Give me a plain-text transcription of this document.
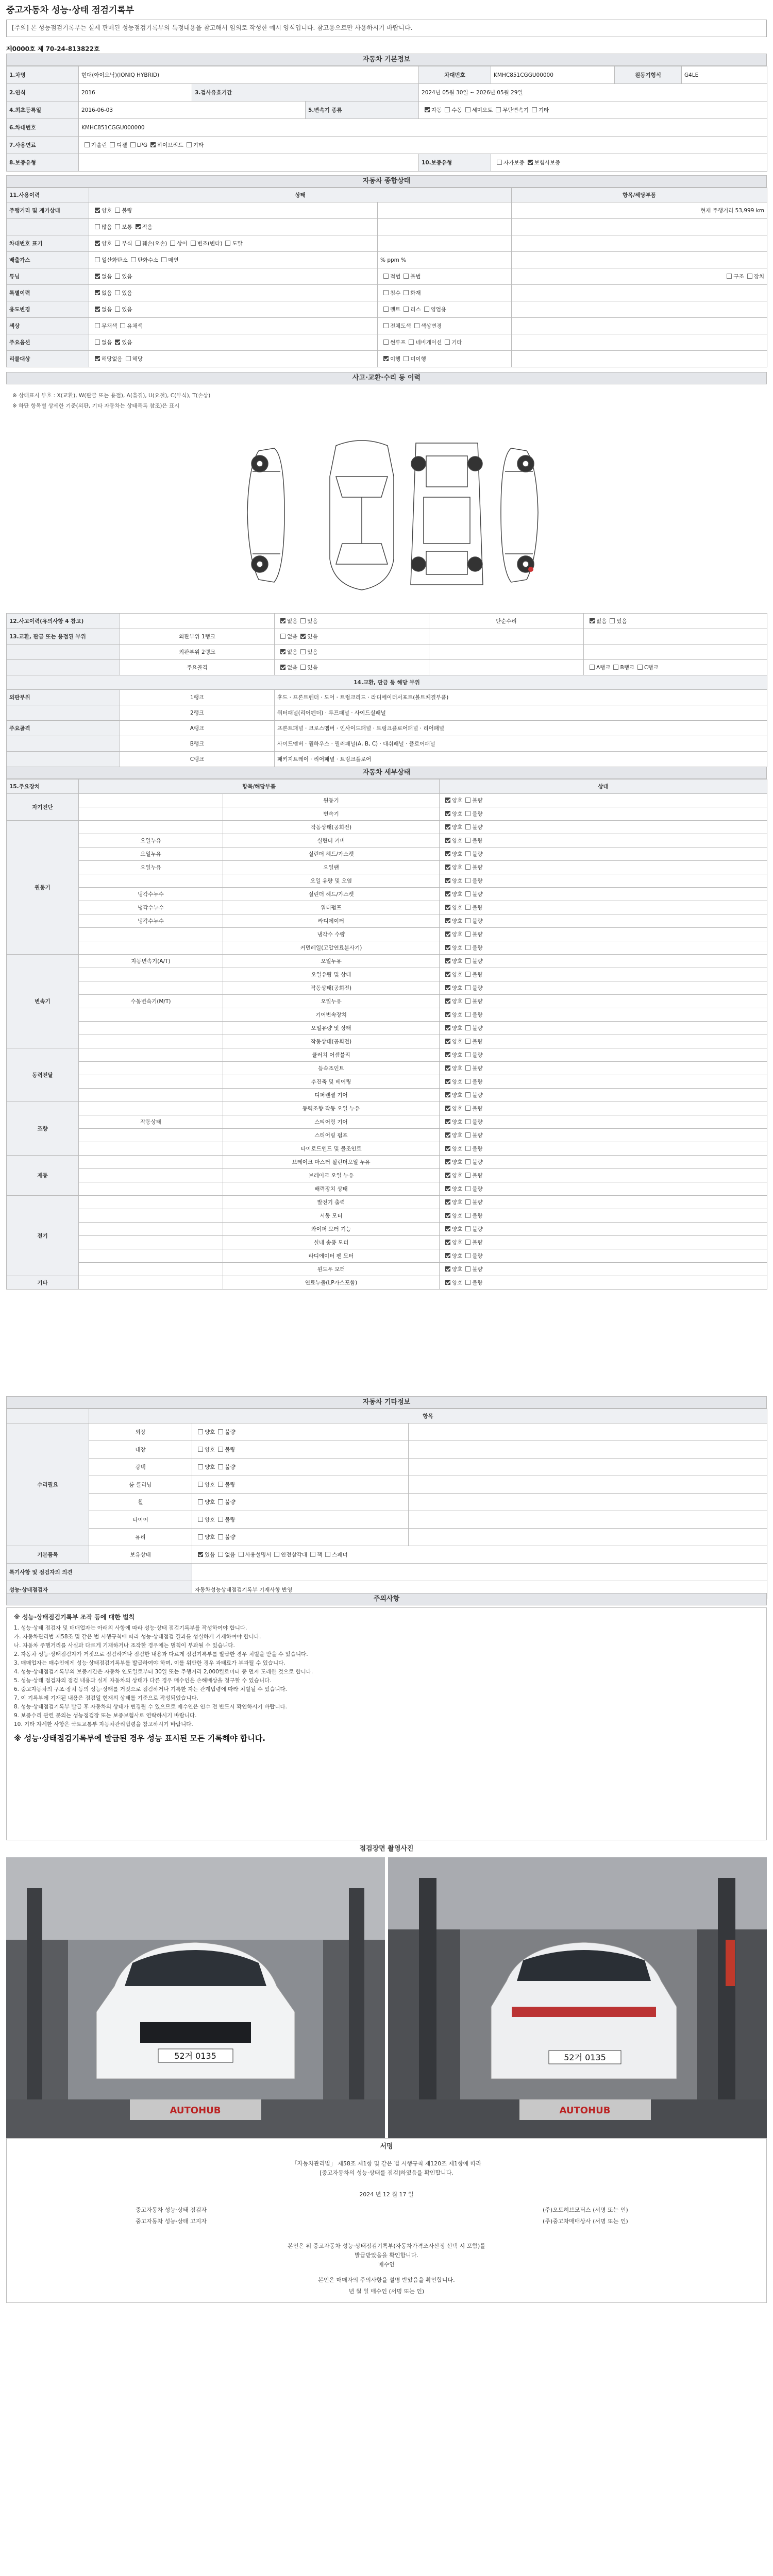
중고자동차 성능·상태 점검기록부
[주의] 본 성능점검기록부는 실제 판매된 성능점검기록부의 특정내용을 참고해서 임의로 작성한 예시 양식입니다. 참고용으로만 사용하시기 바랍니다.
제0000호 제 70-24-813822호
자동차 기본정보
1.차명	현대(아이오닉)(IONIQ HYBRID)			차대번호	KMHC851CGGU00000	원동기형식	G4LE
2.연식	2016	3.검사유효기간		2024년 05월 30일 ~ 2026년 05월 29일			
4.최초등록일	2016-06-03		5.변속기 종류	자동 수동 세미오토 무단변속기 기타			
6.차대번호	KMHC851CGGU000000						
7.사용연료	가솔린 디젤 LPG 하이브리드 기타						
8.보증유형				10.보증유형	자가보증 보험사보증		
자동차 종합상태
11.사용이력	상태		항목/해당부품
주행거리 및 계기상태	양호 불량		현재 주행거리 53,999 km
	많음 보통 적음		
차대번호 표기	양호 부식 훼손(오손) 상이 변조(변타) 도말		
배출가스	일산화탄소 탄화수소 매연	% ppm %	
튜닝	없음 있음	적법 불법	구조 장치
특별이력	없음 있음	침수 화재	
용도변경	없음 있음	렌트 리스 영업용	
색상	무채색 유채색	전체도색 색상변경	
주요옵션	없음 있음	썬루프 네비게이션 기타	
리콜대상	해당없음 해당	이행 미이행	
사고·교환·수리 등 이력
※ 상태표시 부호 : X(교환), W(판금 또는 용접), A(흠집), U(요철), C(부식), T(손상)
※ 하단 항목별 상세한 기준(외판, 기타 자동차는 상태목록 참조)은 표시
12.사고이력(유의사항 4 참고)		없음 있음	단순수리	없음 있음
13.교환, 판금 또는 용접된 부위	외판부위 1랭크	없음 있음		
	외판부위 2랭크	없음 있음		
	주요골격	없음 있음		A랭크 B랭크 C랭크
14.교환, 판금 등 해당 부위				
외판부위	1랭크	후드 · 프론트펜더 · 도어 · 트렁크리드 · 라디에이터서포트(볼트체결부품)		
	2랭크	쿼터패널(리어펜더) · 루프패널 · 사이드실패널		
주요골격	A랭크	프론트패널 · 크로스멤버 · 인사이드패널 · 트렁크플로어패널 · 리어패널		
	B랭크	사이드멤버 · 휠하우스 · 필러패널(A, B, C) · 대쉬패널 · 플로어패널		
	C랭크	패키지트레이 · 리어패널 · 트렁크플로어		
자동차 세부상태
15.주요장치	항목/해당부품		상태
자기진단		원동기	양호 불량
		변속기	양호 불량
원동기		작동상태(공회전)	양호 불량
	오일누유	실린더 커버	양호 불량
	오일누유	실린더 헤드/가스켓	양호 불량
	오일누유	오일팬	양호 불량
		오일 유량 및 오염	양호 불량
	냉각수누수	실린더 헤드/가스켓	양호 불량
	냉각수누수	워터펌프	양호 불량
	냉각수누수	라디에이터	양호 불량
		냉각수 수량	양호 불량
		커먼레일(고압연료분사기)	양호 불량
변속기	자동변속기(A/T)	오일누유	양호 불량
		오일유량 및 상태	양호 불량
		작동상태(공회전)	양호 불량
	수동변속기(M/T)	오일누유	양호 불량
		기어변속장치	양호 불량
		오일유량 및 상태	양호 불량
		작동상태(공회전)	양호 불량
동력전달		클러치 어셈블리	양호 불량
		등속조인트	양호 불량
		추진축 및 베어링	양호 불량
		디퍼렌셜 기어	양호 불량
조향		동력조향 작동 오일 누유	양호 불량
	작동상태	스티어링 기어	양호 불량
		스티어링 펌프	양호 불량
		타이로드엔드 및 볼조인트	양호 불량
제동		브레이크 마스터 실린더오일 누유	양호 불량
		브레이크 오일 누유	양호 불량
		배력장치 상태	양호 불량
전기		발전기 출력	양호 불량
		시동 모터	양호 불량
		와이퍼 모터 기능	양호 불량
		실내 송풍 모터	양호 불량
		라디에이터 팬 모터	양호 불량
		윈도우 모터	양호 불량
기타		연료누출(LP가스포함)	양호 불량
자동차 기타정보
	항목		
수리필요	외장	양호 불량	
	내장	양호 불량	
	광택	양호 불량	
	룸 클리닝	양호 불량	
	휠	양호 불량	
	타이어	양호 불량	
	유리	양호 불량	
기본품목	보유상태	있음 없음 사용설명서 안전삼각대 잭 스패너	
특기사항 및 점검자의 의견			
성능·상태점검자		자동차성능상태점검기록부 기재사항 반영	
주의사항

※ 성능·상태점검기록부 조작 등에 대한 벌칙

1. 성능·상태 점검자 및 매매업자는 아래의 사항에 따라 성능·상태 점검기록부를 작성하여야 합니다.

가. 자동차관리법 제58조 및 같은 법 시행규칙에 따라 성능·상태점검 결과를 성실하게 기재하여야 합니다.

나. 자동차 주행거리를 사실과 다르게 기재하거나 조작한 경우에는 벌칙이 부과될 수 있습니다.

2. 자동차 성능·상태점검자가 거짓으로 점검하거나 점검한 내용과 다르게 점검기록부를 발급한 경우 처벌을 받을 수 있습니다.

3. 매매업자는 매수인에게 성능·상태점검기록부를 발급하여야 하며, 이를 위반한 경우 과태료가 부과될 수 있습니다.

4. 성능·상태점검기록부의 보증기간은 자동차 인도일로부터 30일 또는 주행거리 2,000킬로미터 중 먼저 도래한 것으로 합니다.

5. 성능·상태 점검자의 점검 내용과 실제 자동차의 상태가 다른 경우 매수인은 손해배상을 청구할 수 있습니다.

6. 중고자동차의 구조·장치 등의 성능·상태를 거짓으로 점검하거나 기록한 자는 관계법령에 따라 처벌될 수 있습니다.

7. 이 기록부에 기재된 내용은 점검일 현재의 상태를 기준으로 작성되었습니다.

8. 성능·상태점검기록부 발급 후 자동차의 상태가 변경될 수 있으므로 매수인은 인수 전 반드시 확인하시기 바랍니다.

9. 보증수리 관련 문의는 성능점검장 또는 보증보험사로 연락하시기 바랍니다.

10. 기타 자세한 사항은 국토교통부 자동차관리법령을 참고하시기 바랍니다.

※ 성능·상태점검기록부에 발급된 경우 성능 표시된 모든 기록해야 합니다.

점검장면 촬영사진
52거 0135
AUTOHUB
52거 0135
AUTOHUB
서명
「자동차관리법」 제58조 제1항 및 같은 법 시행규칙 제120조 제1항에 따라
[중고자동차의 성능·상태를 점검]하였음을 확인합니다.
2024 년 12 월 17 일
중고자동차 성능·상태 점검자	(주)오토허브모터스 (서명 또는 인)
중고자동차 성능·상태 고지자	(주)중고차매매상사 (서명 또는 인)
본인은 위 중고자동차 성능·상태점검기록부(자동차가격조사산정 선택 시 포함)를
발급받았음을 확인합니다.
매수인
본인은 매매자의 주의사항을 설명 받았음을 확인합니다.
년 월 일 매수인 (서명 또는 인)
